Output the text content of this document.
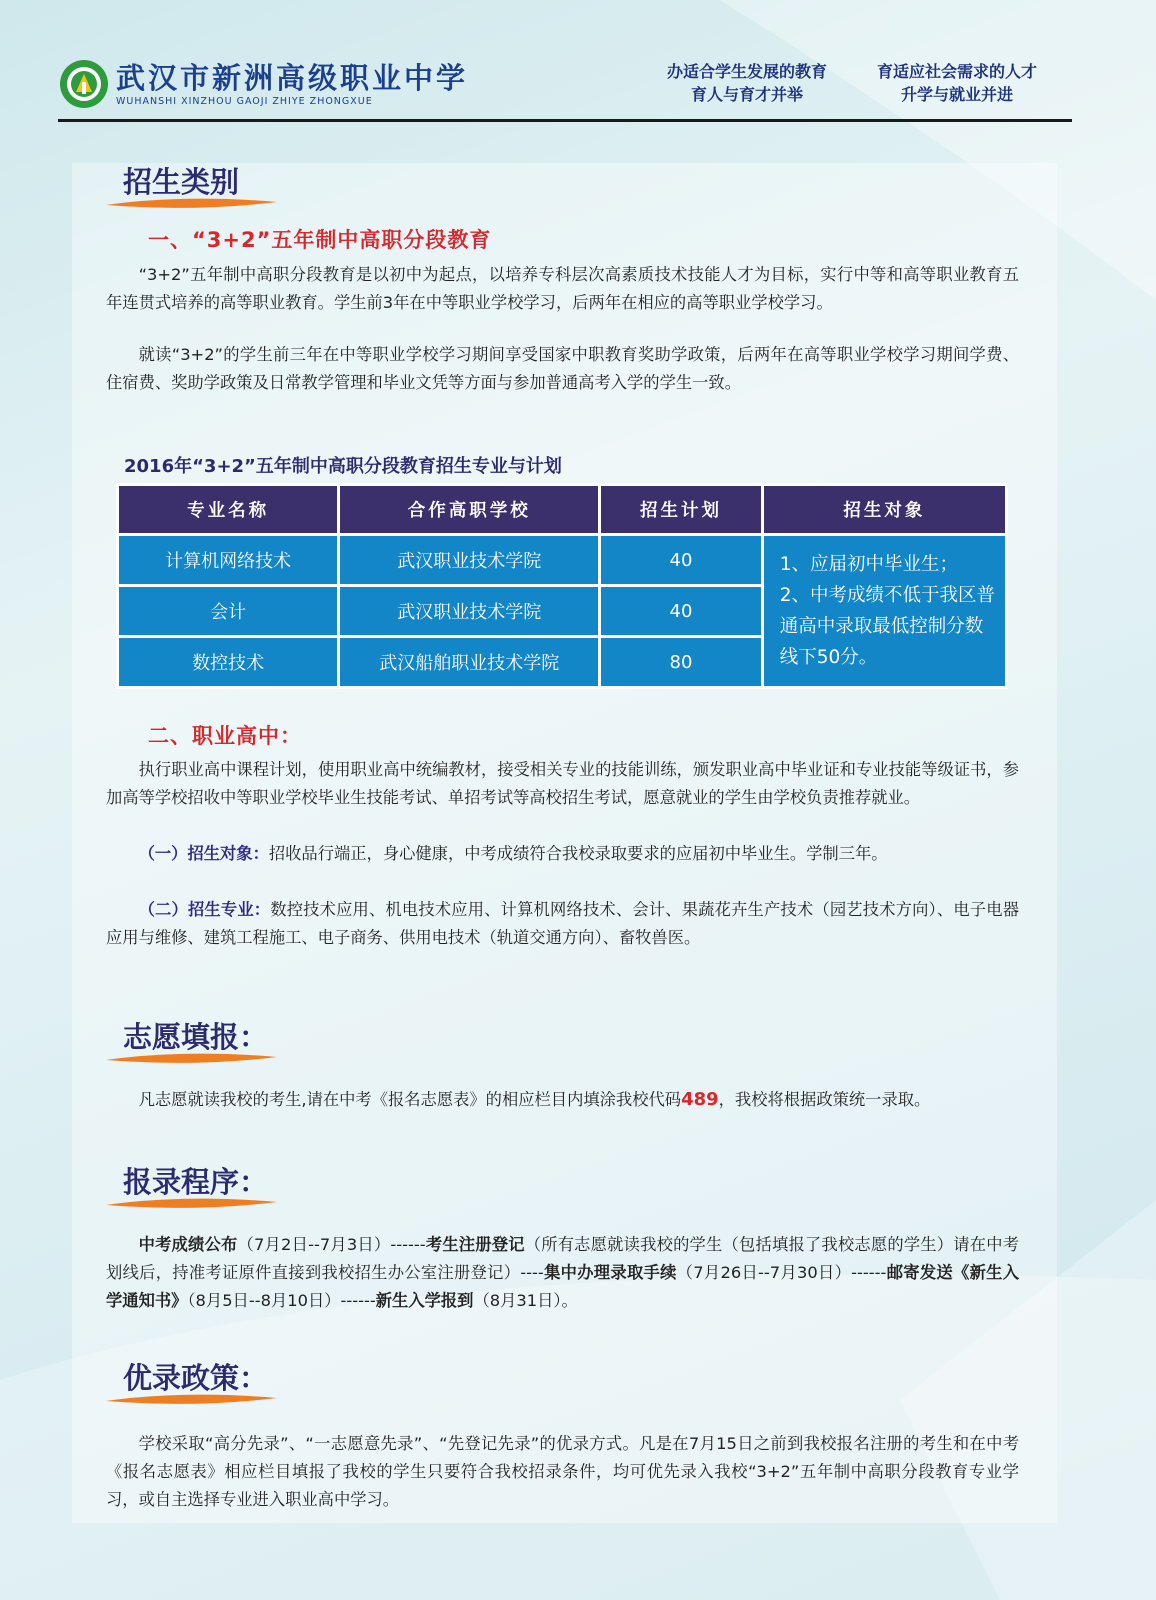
武汉市新洲高级职业中学
WUHANSHI XINZHOU GAOJI ZHIYE ZHONGXUE
办适合学生发展的教育	育适应社会需求的人才
育人与育才并举	升学与就业并进
招生类别
一、“3+2”五年制中高职分段教育

“3+2”五年制中高职分段教育是以初中为起点，以培养专科层次高素质技术技能人才为目标，实行中等和高等职业教育五年连贯式培养的高等职业教育。学生前3年在中等职业学校学习，后两年在相应的高等职业学校学习。

就读“3+2”的学生前三年在中等职业学校学习期间享受国家中职教育奖助学政策，后两年在高等职业学校学习期间学费、住宿费、奖助学政策及日常教学管理和毕业文凭等方面与参加普通高考入学的学生一致。

2016年“3+2”五年制中高职分段教育招生专业与计划
专业名称	合作高职学校	招生计划	招生对象
计算机网络技术	武汉职业技术学院	40	1、应届初中毕业生；
2、中考成绩不低于我区普通高中录取最低控制分数线下50分。

会计	武汉职业技术学院	40	
数控技术	武汉船舶职业技术学院	80	
二、职业高中：

执行职业高中课程计划，使用职业高中统编教材，接受相关专业的技能训练，颁发职业高中毕业证和专业技能等级证书，参加高等学校招收中等职业学校毕业生技能考试、单招考试等高校招生考试，愿意就业的学生由学校负责推荐就业。

（一）招生对象：招收品行端正，身心健康，中考成绩符合我校录取要求的应届初中毕业生。学制三年。

（二）招生专业：数控技术应用、机电技术应用、计算机网络技术、会计、果蔬花卉生产技术（园艺技术方向）、电子电器应用与维修、建筑工程施工、电子商务、供用电技术（轨道交通方向）、畜牧兽医。

志愿填报：

凡志愿就读我校的考生,请在中考《报名志愿表》的相应栏目内填涂我校代码489，我校将根据政策统一录取。

报录程序：

中考成绩公布（7月2日--7月3日）------考生注册登记（所有志愿就读我校的学生（包括填报了我校志愿的学生）请在中考划线后，持准考证原件直接到我校招生办公室注册登记）----集中办理录取手续（7月26日--7月30日）------邮寄发送《新生入学通知书》（8月5日--8月10日）------新生入学报到（8月31日）。

优录政策：

学校采取“高分先录”、“一志愿意先录”、“先登记先录”的优录方式。凡是在7月15日之前到我校报名注册的考生和在中考《报名志愿表》相应栏目填报了我校的学生只要符合我校招录条件，均可优先录入我校“3+2”五年制中高职分段教育专业学习，或自主选择专业进入职业高中学习。
